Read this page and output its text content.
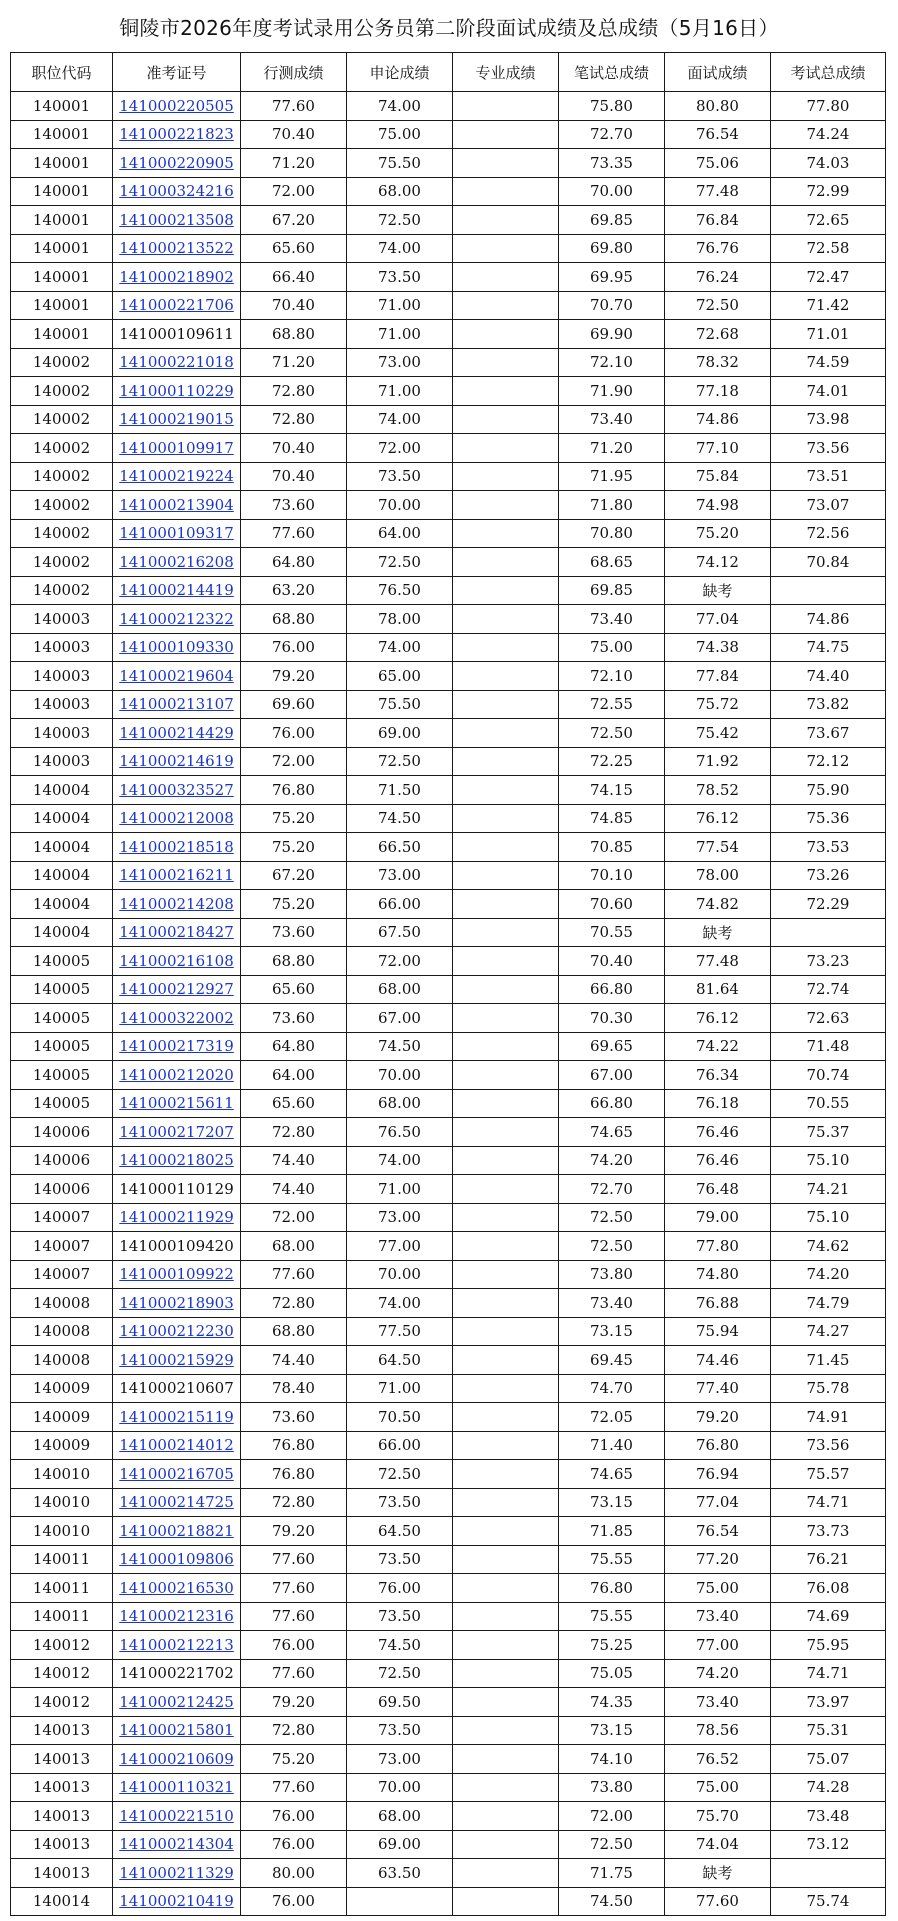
铜陵市2026年度考试录用公务员第二阶段面试成绩及总成绩（5月16日）
职位代码	准考证号	行测成绩	申论成绩	专业成绩	笔试总成绩	面试成绩	考试总成绩
140001	141000220505	77.60	74.00		75.80	80.80	77.80
140001	141000221823	70.40	75.00		72.70	76.54	74.24
140001	141000220905	71.20	75.50		73.35	75.06	74.03
140001	141000324216	72.00	68.00		70.00	77.48	72.99
140001	141000213508	67.20	72.50		69.85	76.84	72.65
140001	141000213522	65.60	74.00		69.80	76.76	72.58
140001	141000218902	66.40	73.50		69.95	76.24	72.47
140001	141000221706	70.40	71.00		70.70	72.50	71.42
140001	141000109611	68.80	71.00		69.90	72.68	71.01
140002	141000221018	71.20	73.00		72.10	78.32	74.59
140002	141000110229	72.80	71.00		71.90	77.18	74.01
140002	141000219015	72.80	74.00		73.40	74.86	73.98
140002	141000109917	70.40	72.00		71.20	77.10	73.56
140002	141000219224	70.40	73.50		71.95	75.84	73.51
140002	141000213904	73.60	70.00		71.80	74.98	73.07
140002	141000109317	77.60	64.00		70.80	75.20	72.56
140002	141000216208	64.80	72.50		68.65	74.12	70.84
140002	141000214419	63.20	76.50		69.85	缺考	
140003	141000212322	68.80	78.00		73.40	77.04	74.86
140003	141000109330	76.00	74.00		75.00	74.38	74.75
140003	141000219604	79.20	65.00		72.10	77.84	74.40
140003	141000213107	69.60	75.50		72.55	75.72	73.82
140003	141000214429	76.00	69.00		72.50	75.42	73.67
140003	141000214619	72.00	72.50		72.25	71.92	72.12
140004	141000323527	76.80	71.50		74.15	78.52	75.90
140004	141000212008	75.20	74.50		74.85	76.12	75.36
140004	141000218518	75.20	66.50		70.85	77.54	73.53
140004	141000216211	67.20	73.00		70.10	78.00	73.26
140004	141000214208	75.20	66.00		70.60	74.82	72.29
140004	141000218427	73.60	67.50		70.55	缺考	
140005	141000216108	68.80	72.00		70.40	77.48	73.23
140005	141000212927	65.60	68.00		66.80	81.64	72.74
140005	141000322002	73.60	67.00		70.30	76.12	72.63
140005	141000217319	64.80	74.50		69.65	74.22	71.48
140005	141000212020	64.00	70.00		67.00	76.34	70.74
140005	141000215611	65.60	68.00		66.80	76.18	70.55
140006	141000217207	72.80	76.50		74.65	76.46	75.37
140006	141000218025	74.40	74.00		74.20	76.46	75.10
140006	141000110129	74.40	71.00		72.70	76.48	74.21
140007	141000211929	72.00	73.00		72.50	79.00	75.10
140007	141000109420	68.00	77.00		72.50	77.80	74.62
140007	141000109922	77.60	70.00		73.80	74.80	74.20
140008	141000218903	72.80	74.00		73.40	76.88	74.79
140008	141000212230	68.80	77.50		73.15	75.94	74.27
140008	141000215929	74.40	64.50		69.45	74.46	71.45
140009	141000210607	78.40	71.00		74.70	77.40	75.78
140009	141000215119	73.60	70.50		72.05	79.20	74.91
140009	141000214012	76.80	66.00		71.40	76.80	73.56
140010	141000216705	76.80	72.50		74.65	76.94	75.57
140010	141000214725	72.80	73.50		73.15	77.04	74.71
140010	141000218821	79.20	64.50		71.85	76.54	73.73
140011	141000109806	77.60	73.50		75.55	77.20	76.21
140011	141000216530	77.60	76.00		76.80	75.00	76.08
140011	141000212316	77.60	73.50		75.55	73.40	74.69
140012	141000212213	76.00	74.50		75.25	77.00	75.95
140012	141000221702	77.60	72.50		75.05	74.20	74.71
140012	141000212425	79.20	69.50		74.35	73.40	73.97
140013	141000215801	72.80	73.50		73.15	78.56	75.31
140013	141000210609	75.20	73.00		74.10	76.52	75.07
140013	141000110321	77.60	70.00		73.80	75.00	74.28
140013	141000221510	76.00	68.00		72.00	75.70	73.48
140013	141000214304	76.00	69.00		72.50	74.04	73.12
140013	141000211329	80.00	63.50		71.75	缺考	
140014	141000210419	76.00			74.50	77.60	75.74
